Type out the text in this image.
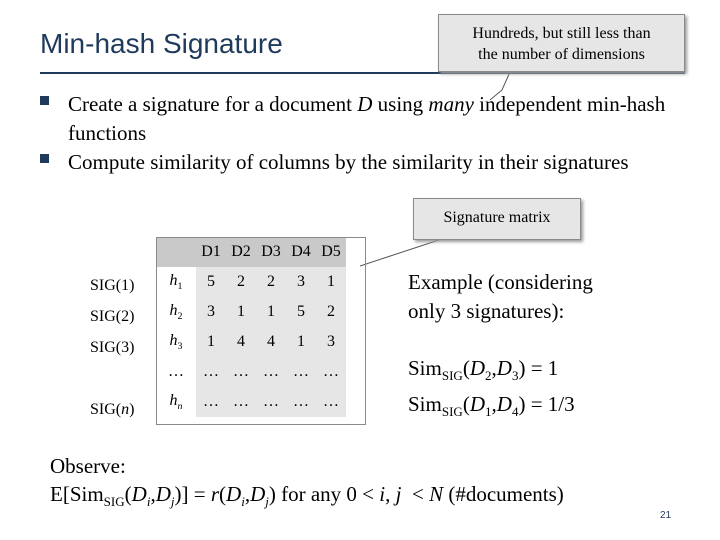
Min-hash Signature	Hundreds, but still less than
the number of dimensions
Create a signature for a document D using many independent min-hash functions
Compute similarity of columns by the similarity in their signatures
Signature matrix
	D1	D2	D3	D4	D5
$h_1$	5	2	2	3	1
$h_2$	3	1	1	5	2
$h_3$	1	4	4	1	3
…	…	…	…	…	…
$h_n$	…	…	…	…	…
SIG(1)
SIG(2)
SIG(3)
SIG(n)
Example (considering
only 3 signatures):
$Sim_{SIG}(D_2,D_3) = 1$
$Sim_{SIG}(D_1,D_4) = 1/3$
Observe:
$E[Sim_{SIG}(D_i,D_j)] = r(D_i,D_j)$ for any 0 < i, j  < N (#documents)
21
